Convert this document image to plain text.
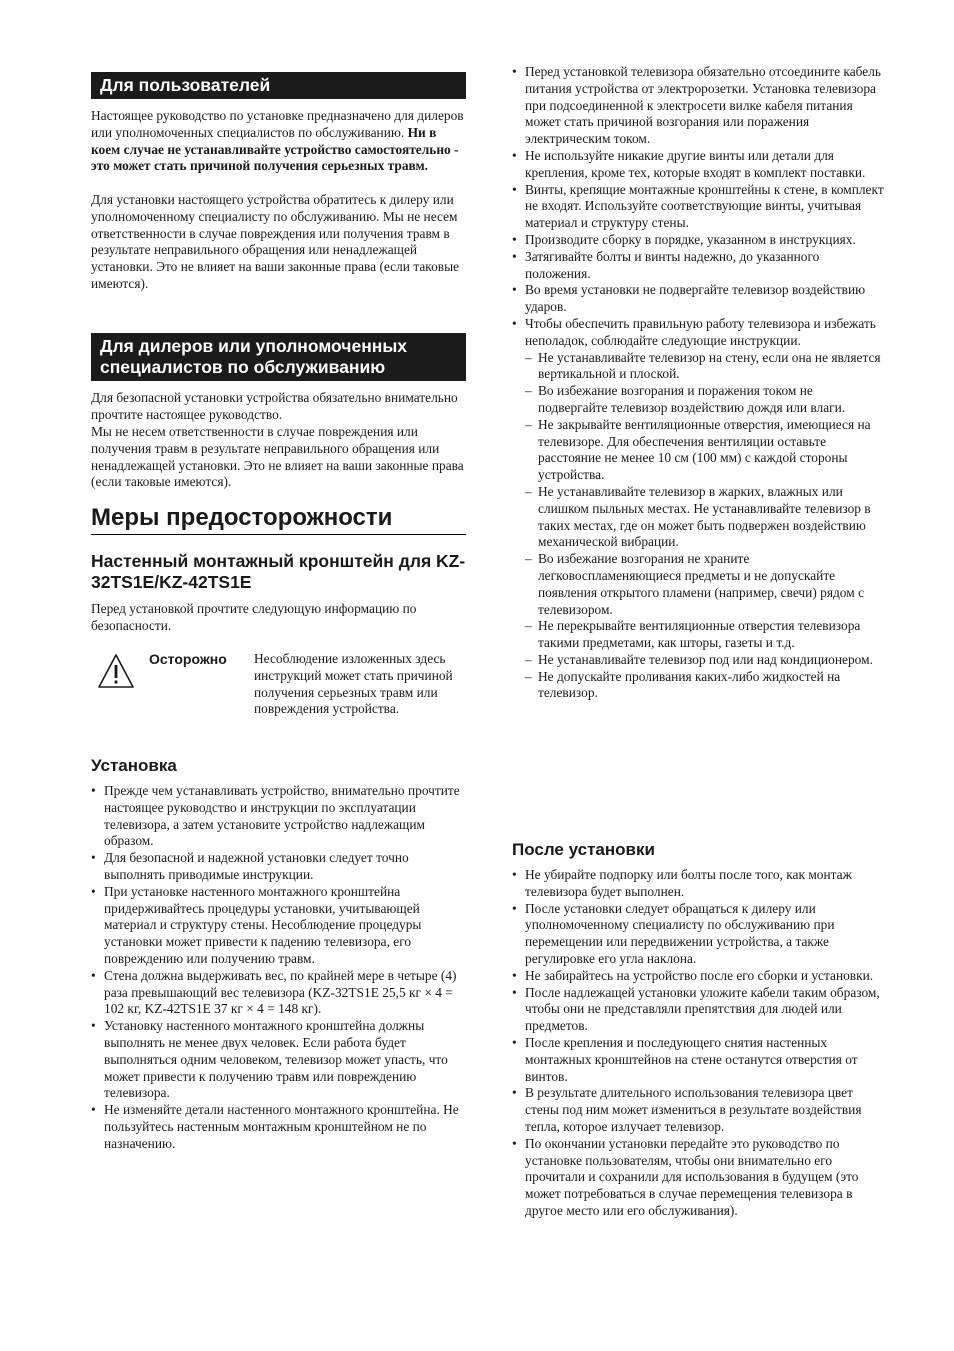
Для пользователей

Настоящее руководство по установке предназначено для дилеров или уполномоченных специалистов по обслуживанию. Ни в коем случае не устанавливайте устройство самостоятельно - это может стать причиной получения серьезных травм.

Для установки настоящего устройства обратитесь к дилеру или уполномоченному специалисту по обслуживанию. Мы не несем ответственности в случае повреждения или получения травм в результате неправильного обращения или ненадлежащей установки. Это не влияет на ваши законные права (если таковые имеются).

Для дилеров или уполномоченных специалистов по обслуживанию

Для безопасной установки устройства обязательно внимательно прочтите настоящее руководство.

Мы не несем ответственности в случае повреждения или получения травм в результате неправильного обращения или ненадлежащей установки. Это не влияет на ваши законные права (если таковые имеются).

Меры предосторожности
Настенный монтажный кронштейн для KZ-32TS1E/KZ-42TS1E

Перед установкой прочтите следующую информацию по безопасности.

Осторожно Несоблюдение изложенных здесь инструкций может стать причиной получения серьезных травм или повреждения устройства.
Установка
• Прежде чем устанавливать устройство, внимательно прочтите настоящее руководство и инструкции по эксплуатации телевизора, а затем установите устройство надлежащим образом.
• Для безопасной и надежной установки следует точно выполнять приводимые инструкции.
• При установке настенного монтажного кронштейна придерживайтесь процедуры установки, учитывающей материал и структуру стены. Несоблюдение процедуры установки может привести к падению телевизора, его повреждению или получению травм.
• Стена должна выдерживать вес, по крайней мере в четыре (4) раза превышающий вес телевизора (KZ-32TS1E 25,5 кг × 4 = 102 кг, KZ-42TS1E 37 кг × 4 = 148 кг).
• Установку настенного монтажного кронштейна должны выполнять не менее двух человек. Если работа будет выполняться одним человеком, телевизор может упасть, что может привести к получению травм или повреждению телевизора.
• Не изменяйте детали настенного монтажного кронштейна. Не пользуйтесь настенным монтажным кронштейном не по назначению.
• Перед установкой телевизора обязательно отсоедините кабель питания устройства от электророзетки. Установка телевизора при подсоединенной к электросети вилке кабеля питания может стать причиной возгорания или поражения электрическим током.
• Не используйте никакие другие винты или детали для крепления, кроме тех, которые входят в комплект поставки.
• Винты, крепящие монтажные кронштейны к стене, в комплект не входят. Используйте соответствующие винты, учитывая материал и структуру стены.
• Производите сборку в порядке, указанном в инструкциях.
• Затягивайте болты и винты надежно, до указанного положения.
• Во время установки не подвергайте телевизор воздействию ударов.
• Чтобы обеспечить правильную работу телевизора и избежать неполадок, соблюдайте следующие инструкции.
– Не устанавливайте телевизор на стену, если она не является вертикальной и плоской.
– Во избежание возгорания и поражения током не подвергайте телевизор воздействию дождя или влаги.
– Не закрывайте вентиляционные отверстия, имеющиеся на телевизоре. Для обеспечения вентиляции оставьте расстояние не менее 10 см (100 мм) с каждой стороны устройства.
– Не устанавливайте телевизор в жарких, влажных или слишком пыльных местах. Не устанавливайте телевизор в таких местах, где он может быть подвержен воздействию механической вибрации.
– Во избежание возгорания не храните легковоспламеняющиеся предметы и не допускайте появления открытого пламени (например, свечи) рядом с телевизором.
– Не перекрывайте вентиляционные отверстия телевизора такими предметами, как шторы, газеты и т.д.
– Не устанавливайте телевизор под или над кондиционером.
– Не допускайте проливания каких-либо жидкостей на телевизор.
После установки
• Не убирайте подпорку или болты после того, как монтаж телевизора будет выполнен.
• После установки следует обращаться к дилеру или уполномоченному специалисту по обслуживанию при перемещении или передвижении устройства, а также регулировке его угла наклона.
• Не забирайтесь на устройство после его сборки и установки.
• После надлежащей установки уложите кабели таким образом, чтобы они не представляли препятствия для людей или предметов.
• После крепления и последующего снятия настенных монтажных кронштейнов на стене останутся отверстия от винтов.
• В результате длительного использования телевизора цвет стены под ним может измениться в результате воздействия тепла, которое излучает телевизор.
• По окончании установки передайте это руководство по установке пользователям, чтобы они внимательно его прочитали и сохранили для использования в будущем (это может потребоваться в случае перемещения телевизора в другое место или его обслуживания).
